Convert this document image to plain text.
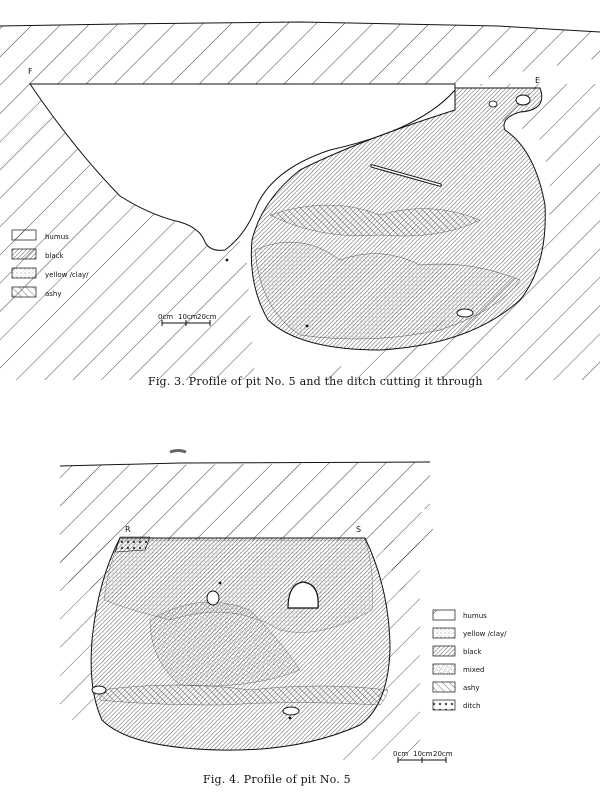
F
E
humus
black
yellow /clay/
ashy
0cm 10cm 20cm
R	S
humus
yellow /clay/
black
mixed
ashy
ditch
0cm 10cm 20cm
Fig. 3. Profile of pit No. 5 and the ditch cutting it through
Fig. 4. Profile of pit No. 5
